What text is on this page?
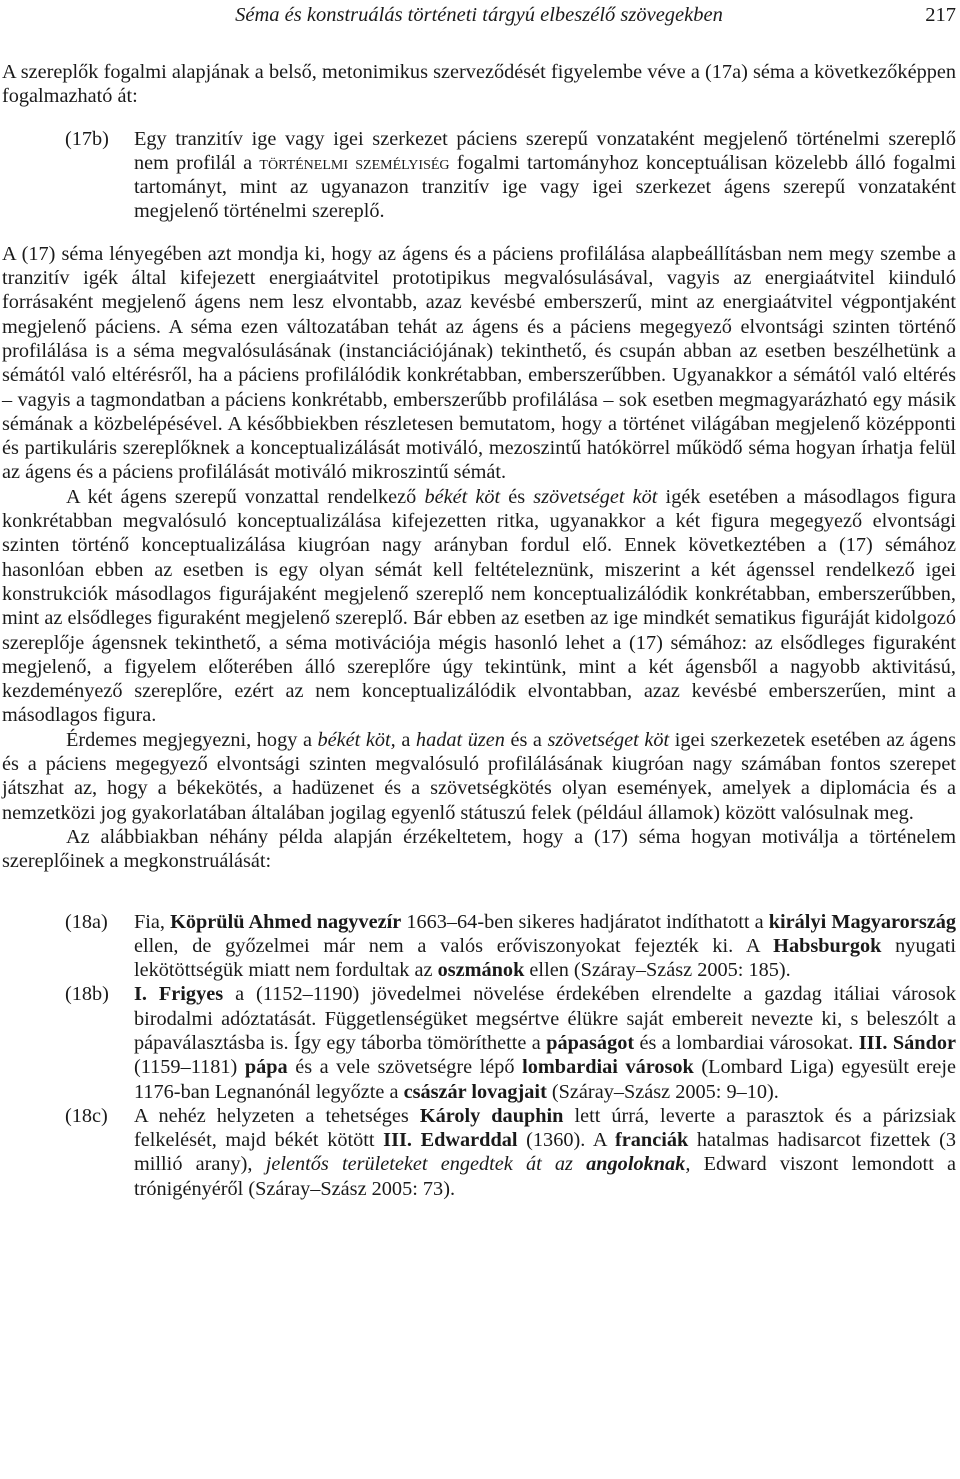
Séma és konstruálás történeti tárgyú elbeszélő szövegekben	217

A szereplők fogalmi alapjának a belső, metonimikus szerveződését figyelembe véve a (17a) séma a következőképpen fogalmazható át:

(17b)	Egy tranzitív ige vagy igei szerkezet páciens szerepű vonzataként megjelenő történelmi szereplő nem profilál a történelmi személyiség fogalmi tartományhoz konceptuálisan közelebb álló fogalmi tartományt, mint az ugyanazon tranzitív ige vagy igei szerkezet ágens szerepű vonzataként megjelenő történelmi szereplő.

A (17) séma lényegében azt mondja ki, hogy az ágens és a páciens profilálása alapbeállításban nem megy szembe a tranzitív igék által kifejezett energiaátvitel prototipikus megvalósulásával, vagyis az energiaátvitel kiinduló forrásaként megjelenő ágens nem lesz elvontabb, azaz kevésbé emberszerű, mint az energiaátvitel végpontjaként megjelenő páciens. A séma ezen változatában tehát az ágens és a páciens megegyező elvontsági szinten történő profilálása is a séma megvalósulásának (instanciációjának) tekinthető, és csupán abban az esetben beszélhetünk a sémától való eltérésről, ha a páciens profilálódik konkrétabban, emberszerűbben. Ugyanakkor a sémától való eltérés – vagyis a tagmondatban a páciens konkrétabb, emberszerűbb profilálása – sok esetben megmagyarázható egy másik sémának a közbelépésével. A későbbiekben részletesen bemutatom, hogy a történet világában megjelenő középponti és partikuláris szereplőknek a konceptualizálását motiváló, mezoszintű hatókörrel működő séma hogyan írhatja felül az ágens és a páciens profilálását motiváló mikroszintű sémát.

A két ágens szerepű vonzattal rendelkező békét köt és szövetséget köt igék esetében a másodlagos figura konkrétabban megvalósuló konceptualizálása kifejezetten ritka, ugyanakkor a két figura megegyező elvontsági szinten történő konceptualizálása kiugróan nagy arányban fordul elő. Ennek következtében a (17) sémához hasonlóan ebben az esetben is egy olyan sémát kell feltételeznünk, miszerint a két ágenssel rendelkező igei konstrukciók másodlagos figurájaként megjelenő szereplő nem konceptualizálódik konkrétabban, emberszerűbben, mint az elsődleges figuraként megjelenő szereplő. Bár ebben az esetben az ige mindkét sematikus figuráját kidolgozó szereplője ágensnek tekinthető, a séma motivációja mégis hasonló lehet a (17) sémához: az elsődleges figuraként megjelenő, a figyelem előterében álló szereplőre úgy tekintünk, mint a két ágensből a nagyobb aktivitású, kezdeményező szereplőre, ezért az nem konceptualizálódik elvontabban, azaz kevésbé emberszerűen, mint a másodlagos figura.

Érdemes megjegyezni, hogy a békét köt, a hadat üzen és a szövetséget köt igei szerkezetek esetében az ágens és a páciens megegyező elvontsági szinten megvalósuló profilálásának kiugróan nagy számában fontos szerepet játszhat az, hogy a békekötés, a hadüzenet és a szövetségkötés olyan események, amelyek a diplomácia és a nemzetközi jog gyakorlatában általában jogilag egyenlő státuszú felek (például államok) között valósulnak meg.

Az alábbiakban néhány példa alapján érzékeltetem, hogy a (17) séma hogyan motiválja a történelem szereplőinek a megkonstruálását:

(18a)	Fia, Köprülü Ahmed nagyvezír 1663–64-ben sikeres hadjáratot indíthatott a királyi Magyarország ellen, de győzelmei már nem a valós erőviszonyokat fejezték ki. A Habsburgok nyugati lekötöttségük miatt nem fordultak az oszmánok ellen (Száray–Szász 2005: 185).
(18b)	I. Frigyes a (1152–1190) jövedelmei növelése érdekében elrendelte a gazdag itáliai városok birodalmi adóztatását. Függetlenségüket megsértve élükre saját embereit nevezte ki, s beleszólt a pápaválasztásba is. Így egy táborba tömöríthette a pápaságot és a lombardiai városokat. III. Sándor (1159–1181) pápa és a vele szövetségre lépő lombardiai városok (Lombard Liga) egyesült ereje 1176-ban Legnanónál legyőzte a császár lovagjait (Száray–Szász 2005: 9–10).
(18c)	A nehéz helyzeten a tehetséges Károly dauphin lett úrrá, leverte a parasztok és a párizsiak felkelését, majd békét kötött III. Edwarddal (1360). A franciák hatalmas hadisarcot fizettek (3 millió arany), jelentős területeket engedtek át az angoloknak, Edward viszont lemondott a trónigényéről (Száray–Szász 2005: 73).
